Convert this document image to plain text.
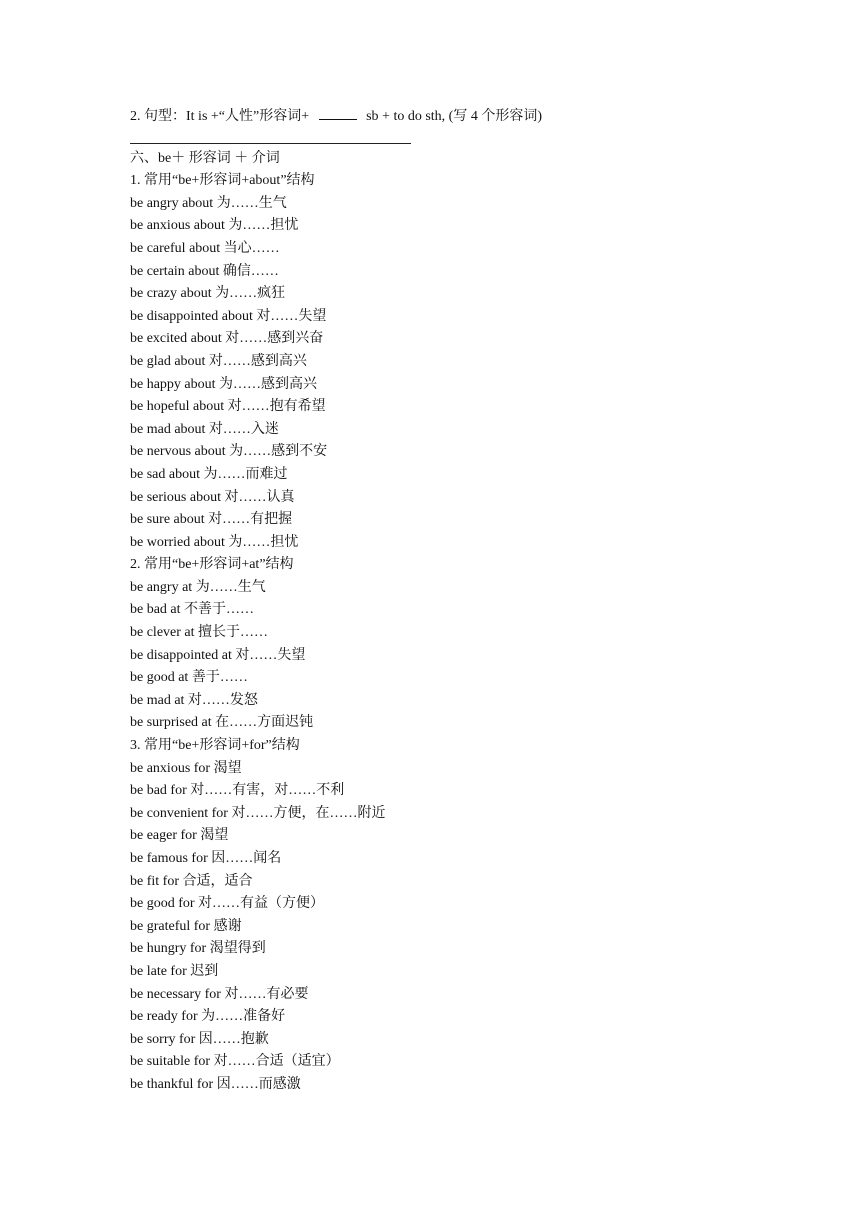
2. 句型：It is +“人性”形容词+	sb + to do sth, (写 4 个形容词)
六、be＋ 形容词 ＋ 介词
1. 常用“be+形容词+about”结构
be angry about 为……生气
be anxious about 为……担忧
be careful about 当心……
be certain about 确信……
be crazy about 为……疯狂
be disappointed about 对……失望
be excited about 对……感到兴奋
be glad about 对……感到高兴
be happy about 为……感到高兴
be hopeful about 对……抱有希望
be mad about 对……入迷
be nervous about 为……感到不安
be sad about 为……而难过
be serious about 对……认真
be sure about 对……有把握
be worried about 为……担忧
2. 常用“be+形容词+at”结构
be angry at 为……生气
be bad at 不善于……
be clever at 擅长于……
be disappointed at 对……失望
be good at 善于……
be mad at 对……发怒
be surprised at 在……方面迟钝
3. 常用“be+形容词+for”结构
be anxious for 渴望
be bad for 对……有害，对……不利
be convenient for 对……方便，在……附近
be eager for 渴望
be famous for 因……闻名
be fit for 合适，适合
be good for 对……有益（方便）
be grateful for 感谢
be hungry for 渴望得到
be late for 迟到
be necessary for 对……有必要
be ready for 为……准备好
be sorry for 因……抱歉
be suitable for 对……合适（适宜）
be thankful for 因……而感激
